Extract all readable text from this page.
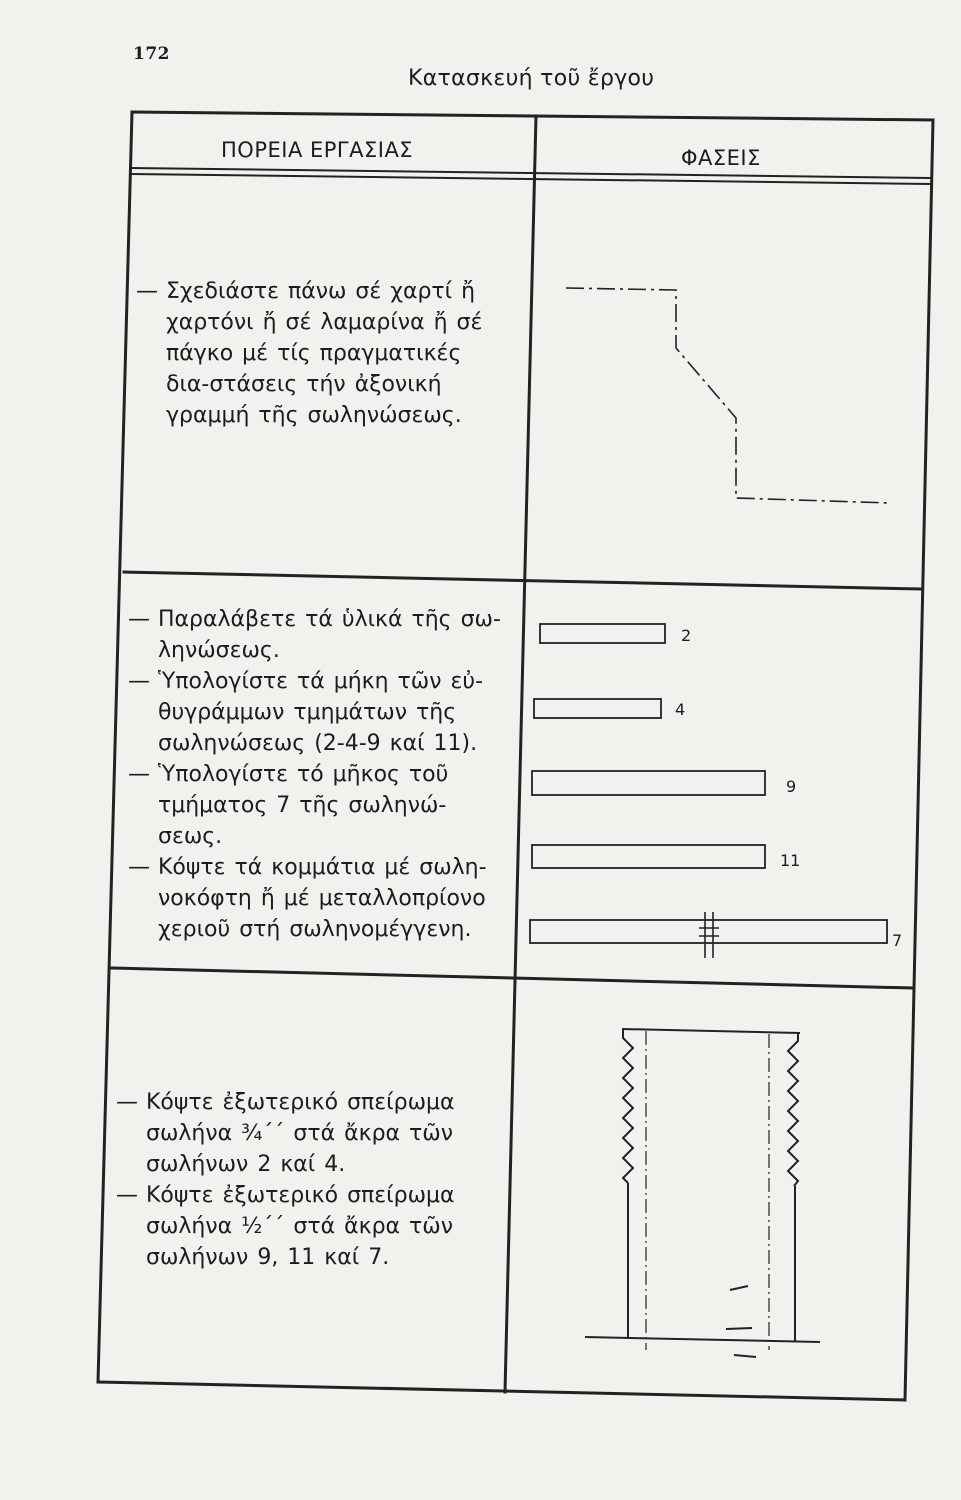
172
Κατασκευή τοῦ ἔργου
2
4
9
11
7
ΠΟΡΕΙΑ ΕΡΓΑΣΙΑΣ	ΦΑΣΕΙΣ
— Σχεδιάστε πάνω σέ χαρτί ἤ χαρτόνι ἤ σέ λαμαρίνα ἤ σέ πάγκο μέ τίς πραγματικές δια-στάσεις τήν ἀξονική γραμμή τῆς σωληνώσεως.
— Παραλάβετε τά ὑλικά τῆς σω-ληνώσεως.
— Ὑπολογίστε τά μήκη τῶν εὐ-θυγράμμων τμημάτων τῆς σωληνώσεως (2-4-9 καί 11).
— Ὑπολογίστε τό μῆκος τοῦ τμήματος 7 τῆς σωληνώ-σεως.
— Κόψτε τά κομμάτια μέ σωλη-νοκόφτη ἤ μέ μεταλλοπρίονο χεριοῦ στή σωληνομέγγενη.
— Κόψτε ἐξωτερικό σπείρωμα σωλήνα ¾΄΄ στά ἄκρα τῶν σωλήνων 2 καί 4.
— Κόψτε ἐξωτερικό σπείρωμα σωλήνα ½΄΄ στά ἄκρα τῶν σωλήνων 9, 11 καί 7.
